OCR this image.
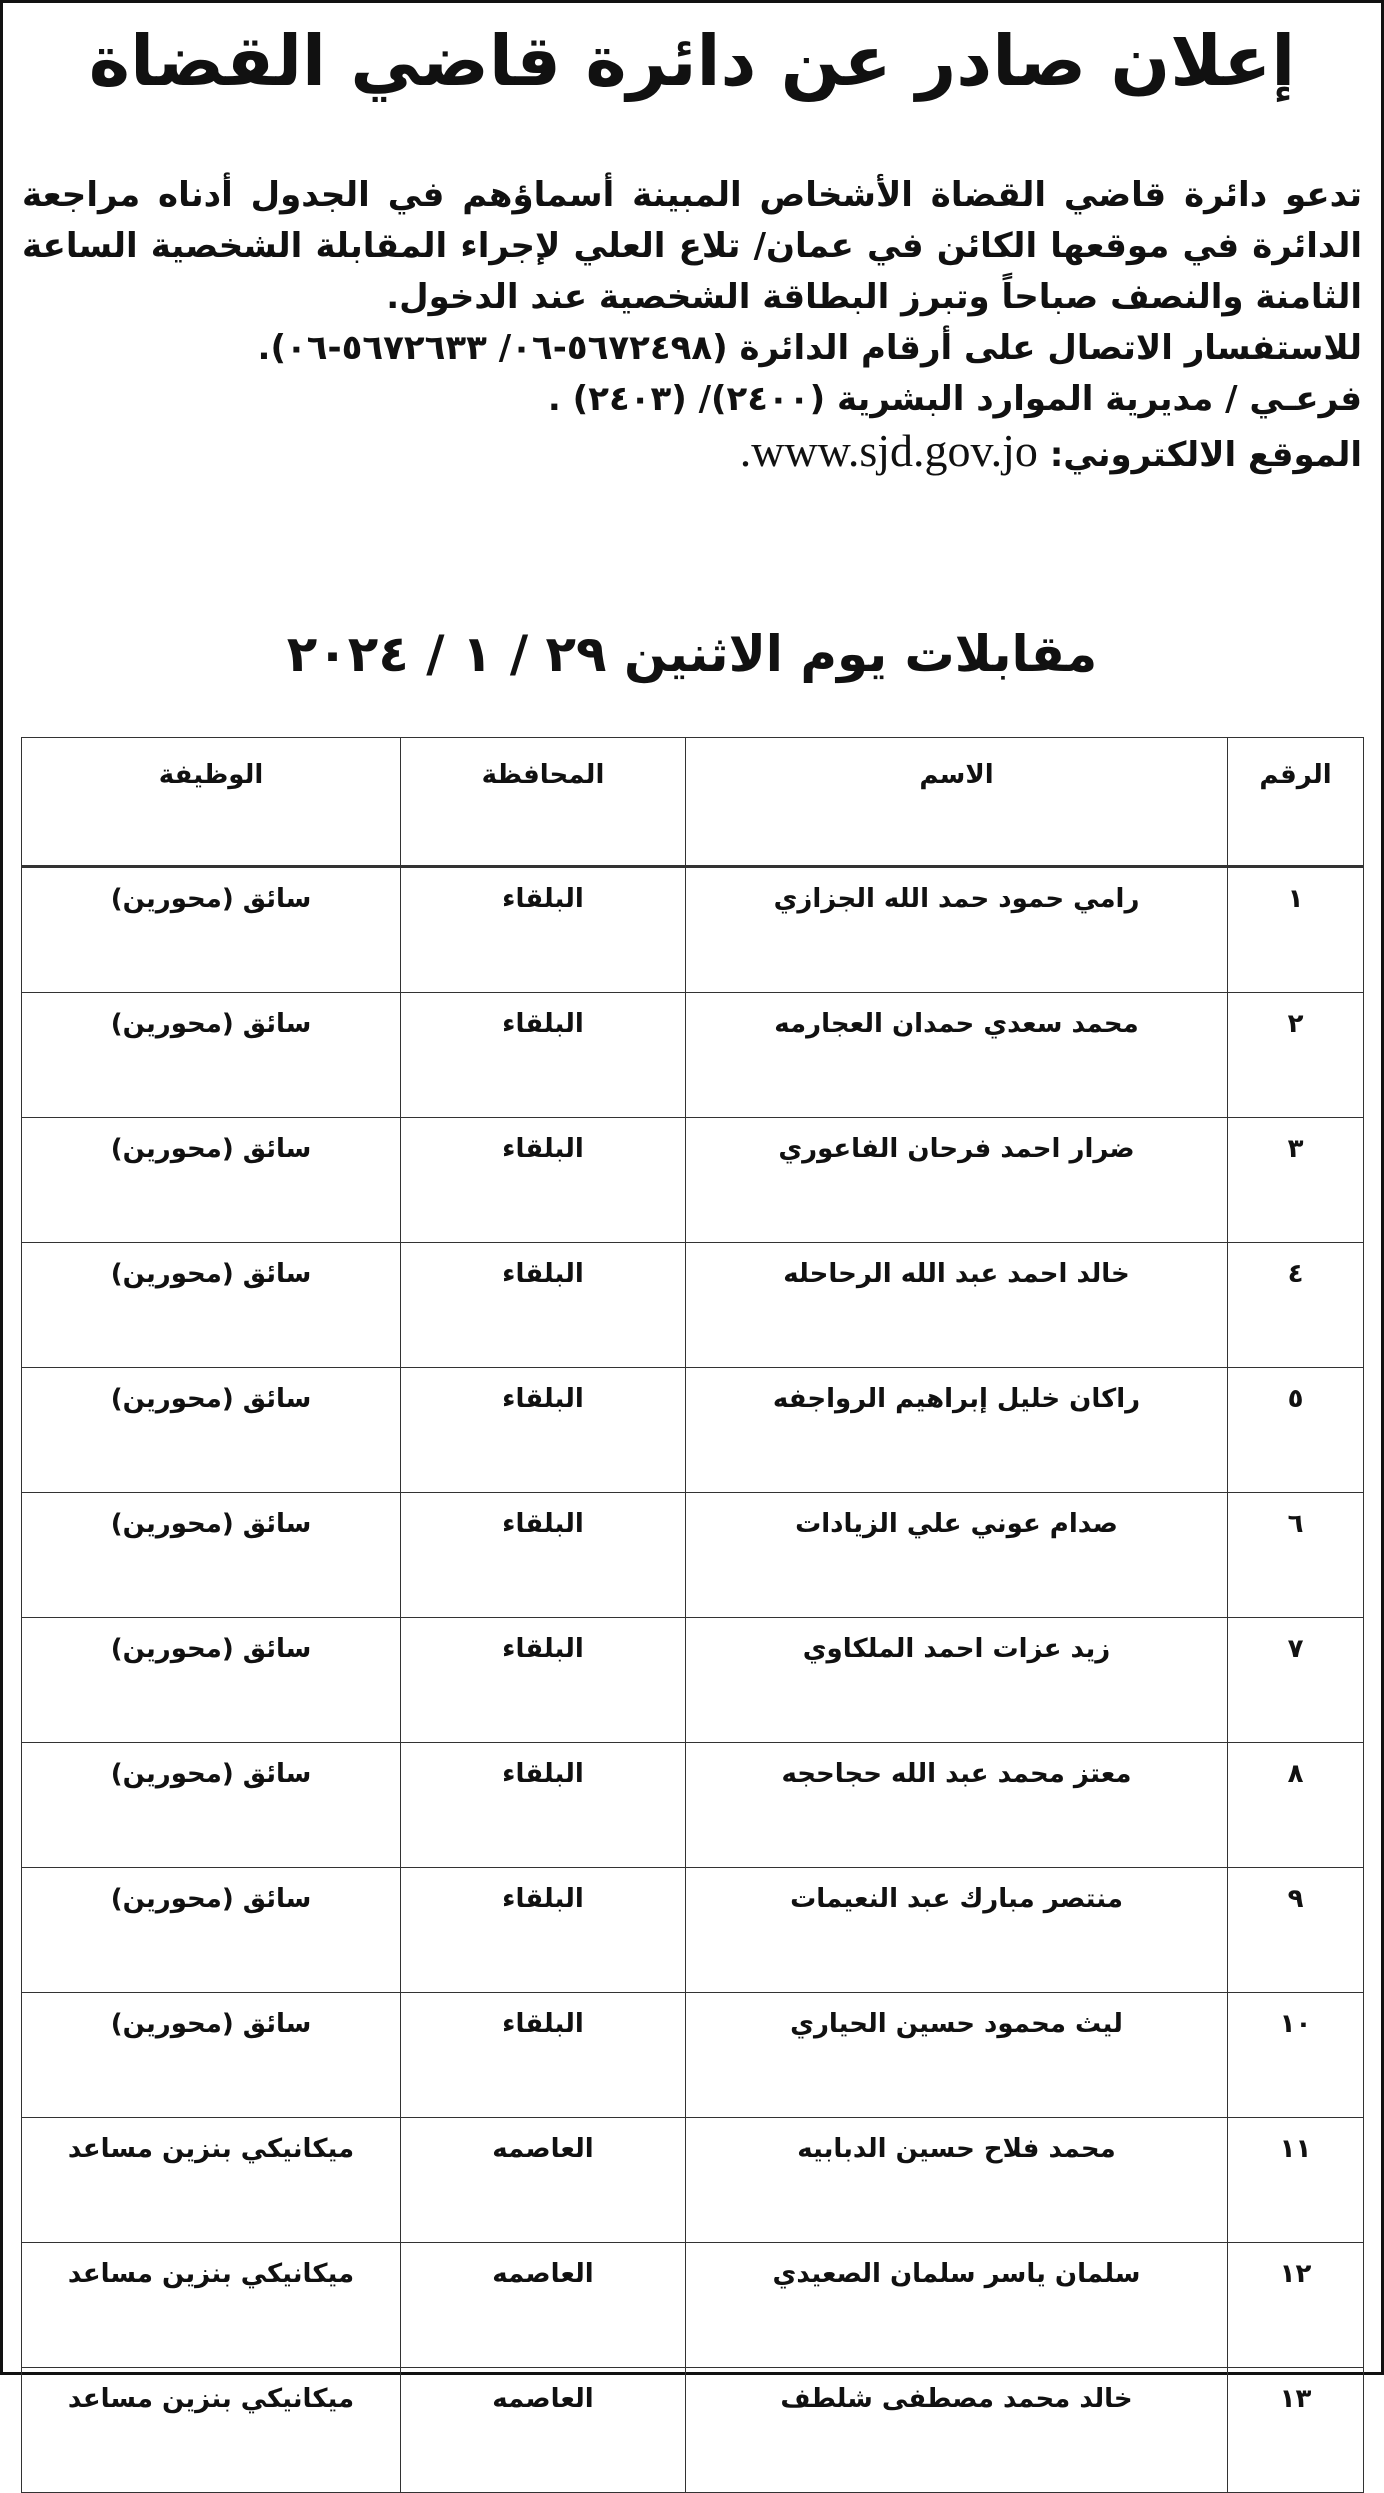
إعلان صادر عن دائرة قاضي القضاة

تدعو دائرة قاضي القضاة الأشخاص المبينة أسماؤهم في الجدول أدناه مراجعة الدائرة في موقعها الكائن في عمان/ تلاع العلي لإجراء المقابلة الشخصية الساعة الثامنة والنصف صباحاً وتبرز البطاقة الشخصية عند الدخول.

للاستفسار الاتصال على أرقام الدائرة (٥٦٧٢٤٩٨-٠٦/ ٥٦٧٢٦٣٣-٠٦).

فرعـي / مديرية الموارد البشرية (٢٤٠٠)/ (٢٤٠٣) .

الموقع الالكتروني: www.sjd.gov.jo.

مقابلات يوم الاثنين ٢٩ / ١ / ٢٠٢٤
الرقم	الاسم	المحافظة	الوظيفة
١	رامي حمود حمد الله الجزازي	البلقاء	سائق (محورين)
٢	محمد سعدي حمدان العجارمه	البلقاء	سائق (محورين)
٣	ضرار احمد فرحان الفاعوري	البلقاء	سائق (محورين)
٤	خالد احمد عبد الله الرحاحله	البلقاء	سائق (محورين)
٥	راكان خليل إبراهيم الرواجفه	البلقاء	سائق (محورين)
٦	صدام عوني علي الزيادات	البلقاء	سائق (محورين)
٧	زيد عزات احمد الملكاوي	البلقاء	سائق (محورين)
٨	معتز محمد عبد الله حجاحجه	البلقاء	سائق (محورين)
٩	منتصر مبارك عبد النعيمات	البلقاء	سائق (محورين)
١٠	ليث محمود حسين الحياري	البلقاء	سائق (محورين)
١١	محمد فلاح حسين الدبابيه	العاصمه	ميكانيكي بنزين مساعد
١٢	سلمان ياسر سلمان الصعيدي	العاصمه	ميكانيكي بنزين مساعد
١٣	خالد محمد مصطفى شلطف	العاصمه	ميكانيكي بنزين مساعد
